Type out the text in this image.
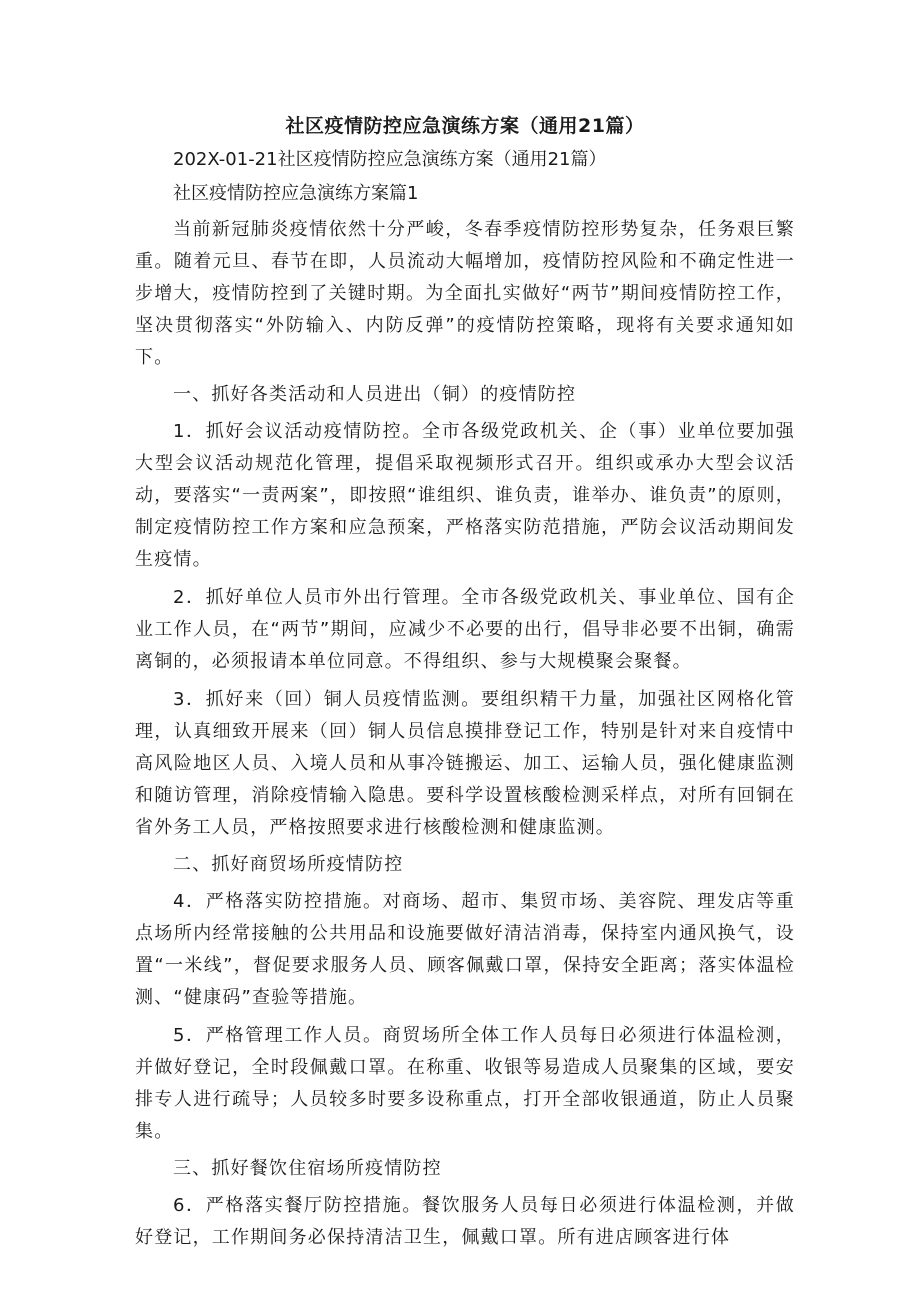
社区疫情防控应急演练方案（通用21篇）
202X-01-21社区疫情防控应急演练方案（通用21篇）
社区疫情防控应急演练方案篇1

当前新冠肺炎疫情依然十分严峻，冬春季疫情防控形势复杂，任务艰巨繁重。随着元旦、春节在即，人员流动大幅增加，疫情防控风险和不确定性进一步增大，疫情防控到了关键时期。为全面扎实做好“两节”期间疫情防控工作，坚决贯彻落实“外防输入、内防反弹”的疫情防控策略，现将有关要求通知如下。

一、抓好各类活动和人员进出（铜）的疫情防控

1．抓好会议活动疫情防控。全市各级党政机关、企（事）业单位要加强大型会议活动规范化管理，提倡采取视频形式召开。组织或承办大型会议活动，要落实“一责两案”，即按照“谁组织、谁负责，谁举办、谁负责”的原则，制定疫情防控工作方案和应急预案，严格落实防范措施，严防会议活动期间发生疫情。

2．抓好单位人员市外出行管理。全市各级党政机关、事业单位、国有企业工作人员，在“两节”期间，应减少不必要的出行，倡导非必要不出铜，确需离铜的，必须报请本单位同意。不得组织、参与大规模聚会聚餐。

3．抓好来（回）铜人员疫情监测。要组织精干力量，加强社区网格化管理，认真细致开展来（回）铜人员信息摸排登记工作，特别是针对来自疫情中高风险地区人员、入境人员和从事冷链搬运、加工、运输人员，强化健康监测和随访管理，消除疫情输入隐患。要科学设置核酸检测采样点，对所有回铜在省外务工人员，严格按照要求进行核酸检测和健康监测。

二、抓好商贸场所疫情防控

4．严格落实防控措施。对商场、超市、集贸市场、美容院、理发店等重点场所内经常接触的公共用品和设施要做好清洁消毒，保持室内通风换气，设置“一米线”，督促要求服务人员、顾客佩戴口罩，保持安全距离；落实体温检测、“健康码”查验等措施。

5．严格管理工作人员。商贸场所全体工作人员每日必须进行体温检测，并做好登记，全时段佩戴口罩。在称重、收银等易造成人员聚集的区域，要安排专人进行疏导；人员较多时要多设称重点，打开全部收银通道，防止人员聚集。

三、抓好餐饮住宿场所疫情防控

6．严格落实餐厅防控措施。餐饮服务人员每日必须进行体温检测，并做好登记，工作期间务必保持清洁卫生，佩戴口罩。所有进店顾客进行体
